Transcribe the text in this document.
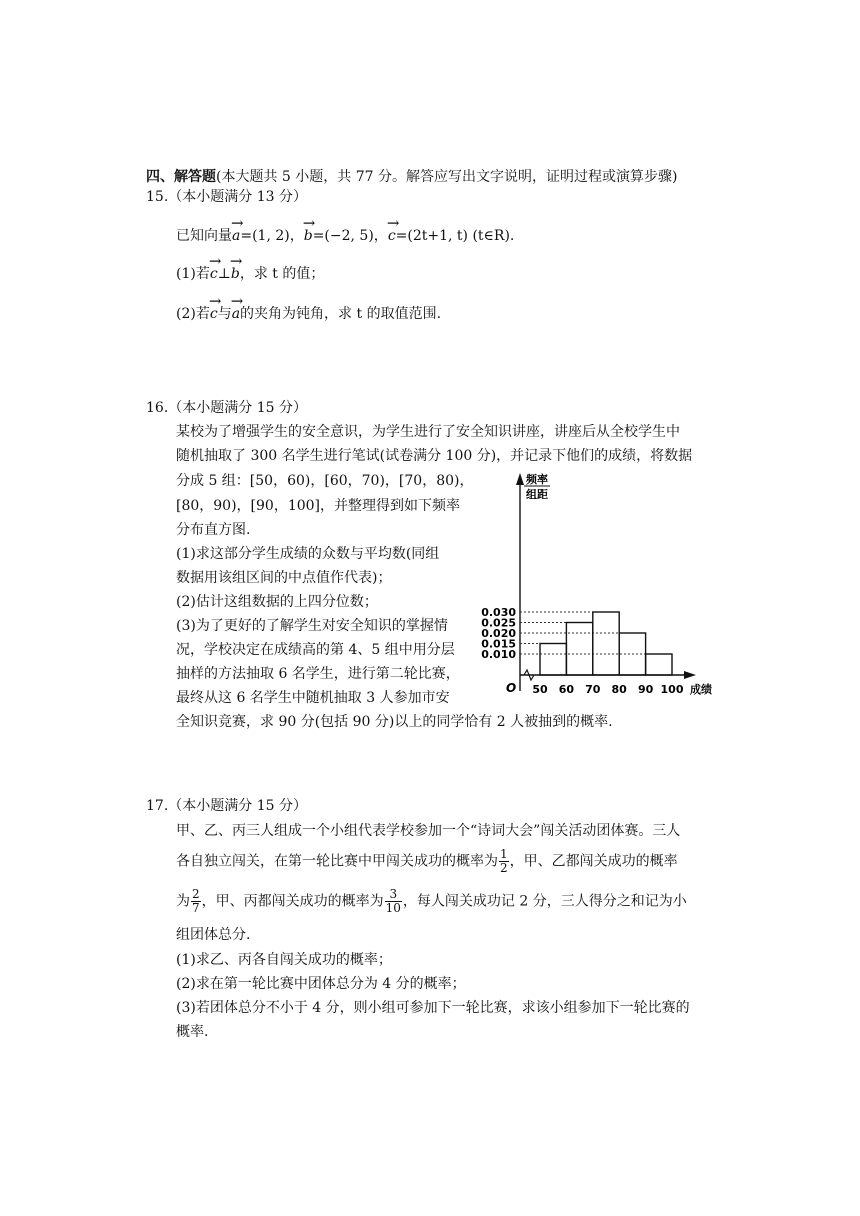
四、解答题(本大题共 5 小题，共 77 分。解答应写出文字说明，证明过程或演算步骤)
15.（本小题满分 13 分）
已知向量→ a=(1, 2)，→ b=(−2, 5)，→ c=(2t+1, t) (t∈R).
(1)若→ c⊥→ b，求 t 的值；
(2)若→ c与→ a的夹角为钝角，求 t 的取值范围.
16.（本小题满分 15 分）
某校为了增强学生的安全意识，为学生进行了安全知识讲座，讲座后从全校学生中
随机抽取了 300 名学生进行笔试(试卷满分 100 分)，并记录下他们的成绩，将数据
分成 5 组：[50，60)，[60，70)，[70，80)，
[80，90)，[90，100]，并整理得到如下频率
分布直方图.
(1)求这部分学生成绩的众数与平均数(同组
数据用该组区间的中点值作代表)；
(2)估计这组数据的上四分位数；
(3)为了更好的了解学生对安全知识的掌握情
况，学校决定在成绩高的第 4、5 组中用分层
抽样的方法抽取 6 名学生，进行第二轮比赛，
最终从这 6 名学生中随机抽取 3 人参加市安
全知识竞赛，求 90 分(包括 90 分)以上的同学恰有 2 人被抽到的概率.
频率
组距
成绩
O
0.030
0.025
0.020
0.015
0.010
50 60 70 80 90 100
17.（本小题满分 15 分）
甲、乙、丙三人组成一个小组代表学校参加一个“诗词大会”闯关活动团体赛。三人
各自独立闯关，在第一轮比赛中甲闯关成功的概率为 $\frac{1}{2}$ ，甲、乙都闯关成功的概率
为 $\frac{2}{7}$ ，甲、丙都闯关成功的概率为 $\frac{3}{10}$ ，每人闯关成功记 2 分，三人得分之和记为小
组团体总分.
(1)求乙、丙各自闯关成功的概率；
(2)求在第一轮比赛中团体总分为 4 分的概率；
(3)若团体总分不小于 4 分，则小组可参加下一轮比赛，求该小组参加下一轮比赛的
概率.
